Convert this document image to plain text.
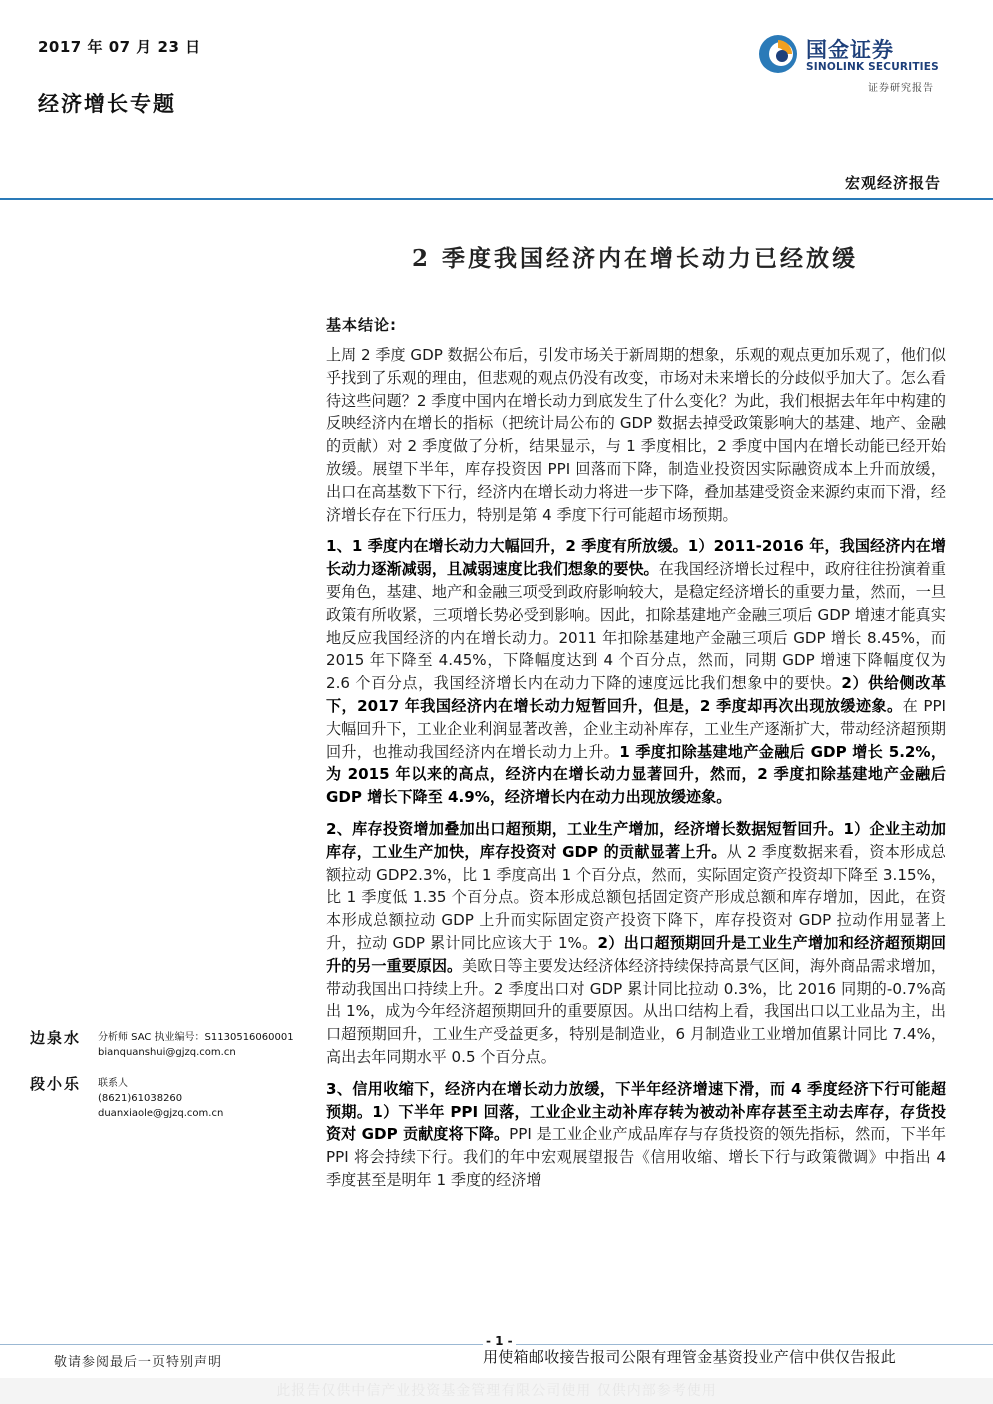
2017 年 07 月 23 日
经济增长专题
国金证券
SINOLINK SECURITIES
证券研究报告
宏观经济报告
2 季度我国经济内在增长动力已经放缓
基本结论:

上周 2 季度 GDP 数据公布后，引发市场关于新周期的想象，乐观的观点更加乐观了，他们似乎找到了乐观的理由，但悲观的观点仍没有改变，市场对未来增长的分歧似乎加大了。怎么看待这些问题？2 季度中国内在增长动力到底发生了什么变化？为此，我们根据去年年中构建的反映经济内在增长的指标（把统计局公布的 GDP 数据去掉受政策影响大的基建、地产、金融的贡献）对 2 季度做了分析，结果显示，与 1 季度相比，2 季度中国内在增长动能已经开始放缓。展望下半年，库存投资因 PPI 回落而下降，制造业投资因实际融资成本上升而放缓，出口在高基数下下行，经济内在增长动力将进一步下降，叠加基建受资金来源约束而下滑，经济增长存在下行压力，特别是第 4 季度下行可能超市场预期。

1、1 季度内在增长动力大幅回升，2 季度有所放缓。1）2011-2016 年，我国经济内在增长动力逐渐减弱，且减弱速度比我们想象的要快。在我国经济增长过程中，政府往往扮演着重要角色，基建、地产和金融三项受到政府影响较大，是稳定经济增长的重要力量，然而，一旦政策有所收紧，三项增长势必受到影响。因此，扣除基建地产金融三项后 GDP 增速才能真实地反应我国经济的内在增长动力。2011 年扣除基建地产金融三项后 GDP 增长 8.45%，而 2015 年下降至 4.45%，下降幅度达到 4 个百分点，然而，同期 GDP 增速下降幅度仅为 2.6 个百分点，我国经济增长内在动力下降的速度远比我们想象中的要快。2）供给侧改革下，2017 年我国经济内在增长动力短暂回升，但是，2 季度却再次出现放缓迹象。在 PPI 大幅回升下，工业企业利润显著改善，企业主动补库存，工业生产逐渐扩大，带动经济超预期回升，也推动我国经济内在增长动力上升。1 季度扣除基建地产金融后 GDP 增长 5.2%，为 2015 年以来的高点，经济内在增长动力显著回升，然而，2 季度扣除基建地产金融后 GDP 增长下降至 4.9%，经济增长内在动力出现放缓迹象。

2、库存投资增加叠加出口超预期，工业生产增加，经济增长数据短暂回升。1）企业主动加库存，工业生产加快，库存投资对 GDP 的贡献显著上升。从 2 季度数据来看，资本形成总额拉动 GDP2.3%，比 1 季度高出 1 个百分点，然而，实际固定资产投资却下降至 3.15%，比 1 季度低 1.35 个百分点。资本形成总额包括固定资产形成总额和库存增加，因此，在资本形成总额拉动 GDP 上升而实际固定资产投资下降下，库存投资对 GDP 拉动作用显著上升，拉动 GDP 累计同比应该大于 1%。2）出口超预期回升是工业生产增加和经济超预期回升的另一重要原因。美欧日等主要发达经济体经济持续保持高景气区间，海外商品需求增加，带动我国出口持续上升。2 季度出口对 GDP 累计同比拉动 0.3%，比 2016 同期的-0.7%高出 1%，成为今年经济超预期回升的重要原因。从出口结构上看，我国出口以工业品为主，出口超预期回升，工业生产受益更多，特别是制造业，6 月制造业工业增加值累计同比 7.4%，高出去年同期水平 0.5 个百分点。

3、信用收缩下，经济内在增长动力放缓，下半年经济增速下滑，而 4 季度经济下行可能超预期。1）下半年 PPI 回落，工业企业主动补库存转为被动补库存甚至主动去库存，存货投资对 GDP 贡献度将下降。PPI 是工业企业产成品库存与存货投资的领先指标，然而，下半年 PPI 将会持续下行。我们的年中宏观展望报告《信用收缩、增长下行与政策微调》中指出 4 季度甚至是明年 1 季度的经济增

边泉水	分析师 SAC 执业编号：S1130516060001
bianquanshui@gjzq.com.cn
段小乐	联系人
(8621)61038260
duanxiaole@gjzq.com.cn
- 1 -
敬请参阅最后一页特别声明	用使箱邮收接告报司公限有理管金基资投业产信中供仅告报此
此报告仅供中信产业投资基金管理有限公司使用 仅供内部参考使用
